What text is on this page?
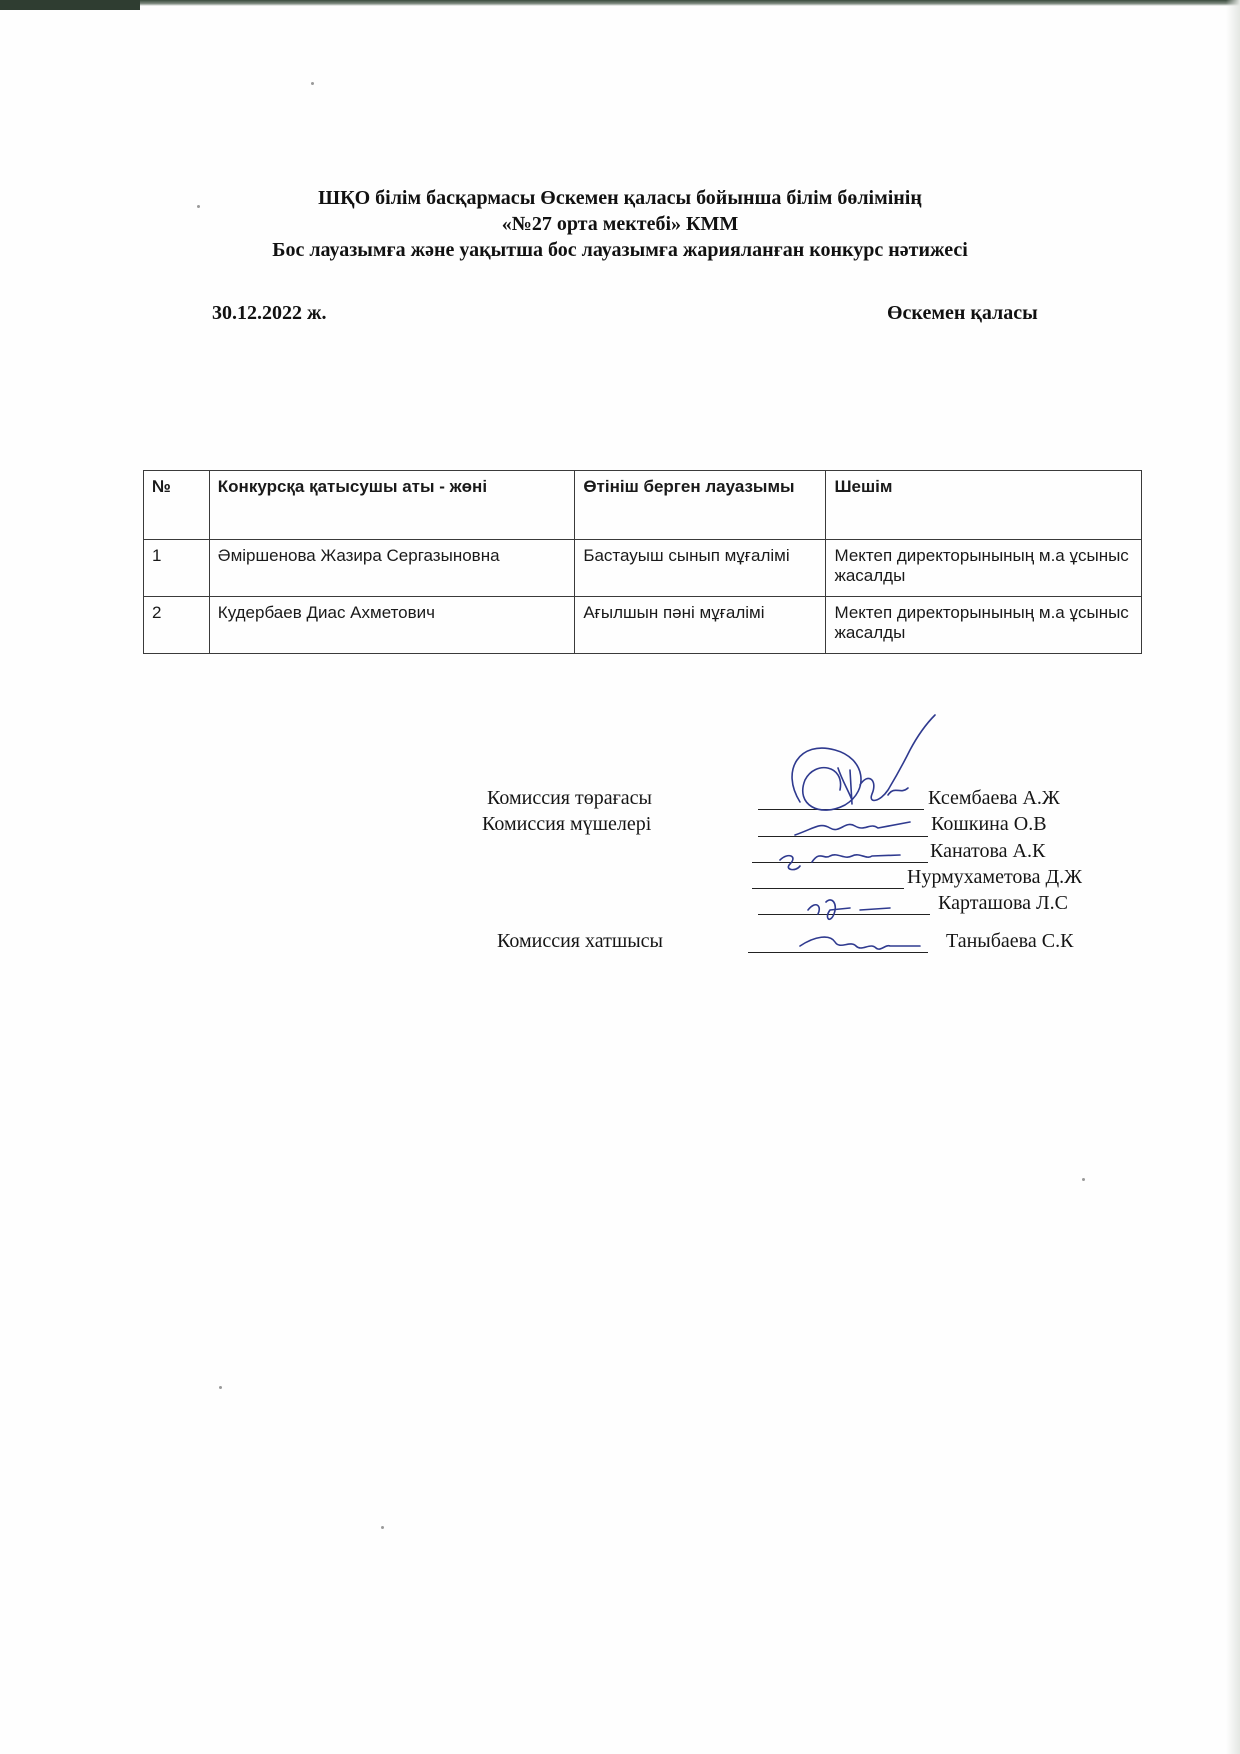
ШҚО білім басқармасы Өскемен қаласы бойынша білім бөлімінің
«№27 орта мектебі» КММ
Бос лауазымға және уақытша бос лауазымға жарияланған конкурс нәтижесі
30.12.2022 ж.	Өскемен қаласы
№	Конкурсқа қатысушы аты - жөні	Өтініш берген лауазымы	Шешім
1	Әміршенова Жазира Сергазыновна	Бастауыш сынып мұғалімі	Мектеп директорынының м.а ұсыныс жасалды
2	Кудербаев Диас Ахметович	Ағылшын пәні мұғалімі	Мектеп директорынының м.а ұсыныс жасалды
Комиссия төрағасы
Комиссия мүшелері
Комиссия хатшысы
Ксембаева А.Ж
Кошкина О.В
Канатова А.К
Нурмухаметова Д.Ж
Карташова Л.С
Таныбаева С.К
